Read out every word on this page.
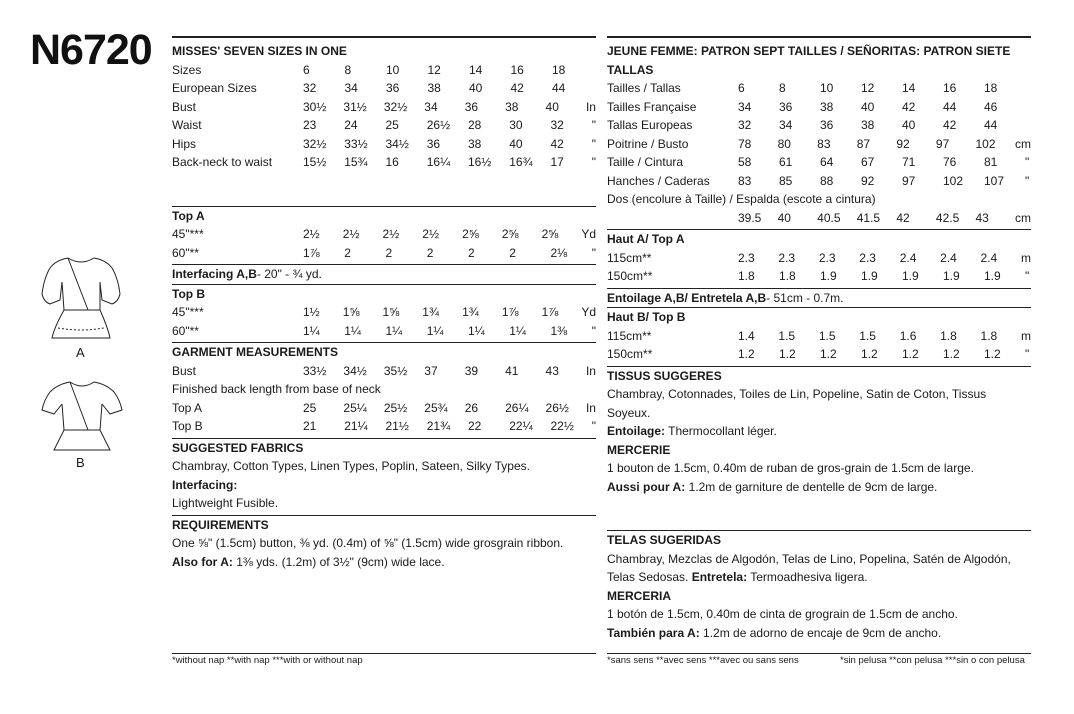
N6720
A
B
MISSES' SEVEN SIZES IN ONE
Sizes	6	8	10	12	14	16	18
European Sizes	32	34	36	38	40	42	44
Bust	30½	31½	32½	34	36	38	40	In
Waist	23	24	25	26½	28	30	32	"
Hips	32½	33½	34½	36	38	40	42	"
Back-neck to waist	15½	15¾	16	16¼	16½	16¾	17	"
Top A
45"***	2½	2½	2½	2½	2⅝	2⅝	2⅝	Yd
60"**	1⅞	2	2	2	2	2	2⅛	"
Interfacing A,B - 20" - ¾ yd.
Top B
45"***	1½	1⅝	1⅝	1¾	1¾	1⅞	1⅞	Yd
60"**	1¼	1¼	1¼	1¼	1¼	1¼	1⅜	"
GARMENT MEASUREMENTS
Bust	33½	34½	35½	37	39	41	43	In
Finished back length from base of neck
Top A	25	25¼	25½	25¾	26	26¼	26½	In
Top B	21	21¼	21½	21¾	22	22¼	22½	"
SUGGESTED FABRICS
Chambray, Cotton Types, Linen Types, Poplin, Sateen, Silky Types. Interfacing:
Lightweight Fusible.
REQUIREMENTS
One ⅝" (1.5cm) button, ⅜ yd. (0.4m) of ⅝" (1.5cm) wide grosgrain ribbon.
Also for A: 1⅜ yds. (1.2m) of 3½" (9cm) wide lace.
JEUNE FEMME: PATRON SEPT TAILLES / SEÑORITAS: PATRON SIETE TALLAS
Tailles / Tallas	6	8	10	12	14	16	18
Tailles Française	34	36	38	40	42	44	46
Tallas Europeas	32	34	36	38	40	42	44
Poitrine / Busto	78	80	83	87	92	97	102	cm
Taille / Cintura	58	61	64	67	71	76	81	"
Hanches / Caderas	83	85	88	92	97	102	107	"
Dos (encolure à Taille) / Espalda (escote a cintura)
39.5	40	40.5	41.5	42	42.5	43	cm
Haut A/ Top A
115cm**	2.3	2.3	2.3	2.3	2.4	2.4	2.4	m
150cm**	1.8	1.8	1.9	1.9	1.9	1.9	1.9	"
Entoilage A,B/ Entretela A,B - 51cm - 0.7m.
Haut B/ Top B
115cm**	1.4	1.5	1.5	1.5	1.6	1.8	1.8	m
150cm**	1.2	1.2	1.2	1.2	1.2	1.2	1.2	"
TISSUS SUGGERES
Chambray, Cotonnades, Toiles de Lin, Popeline, Satin de Coton, Tissus Soyeux.
Entoilage: Thermocollant léger.
MERCERIE
1 bouton de 1.5cm, 0.40m de ruban de gros-grain de 1.5cm de large.
Aussi pour A: 1.2m de garniture de dentelle de 9cm de large.
TELAS SUGERIDAS
Chambray, Mezclas de Algodón, Telas de Lino, Popelina, Satén de Algodón, Telas Sedosas. Entretela: Termoadhesiva ligera.
MERCERIA
1 botón de 1.5cm, 0.40m de cinta de grograin de 1.5cm de ancho.
También para A: 1.2m de adorno de encaje de 9cm de ancho.
*without nap **with nap ***with or without nap	*sans sens **avec sens ***avec ou sans sens	*sin pelusa **con pelusa ***sin o con pelusa
